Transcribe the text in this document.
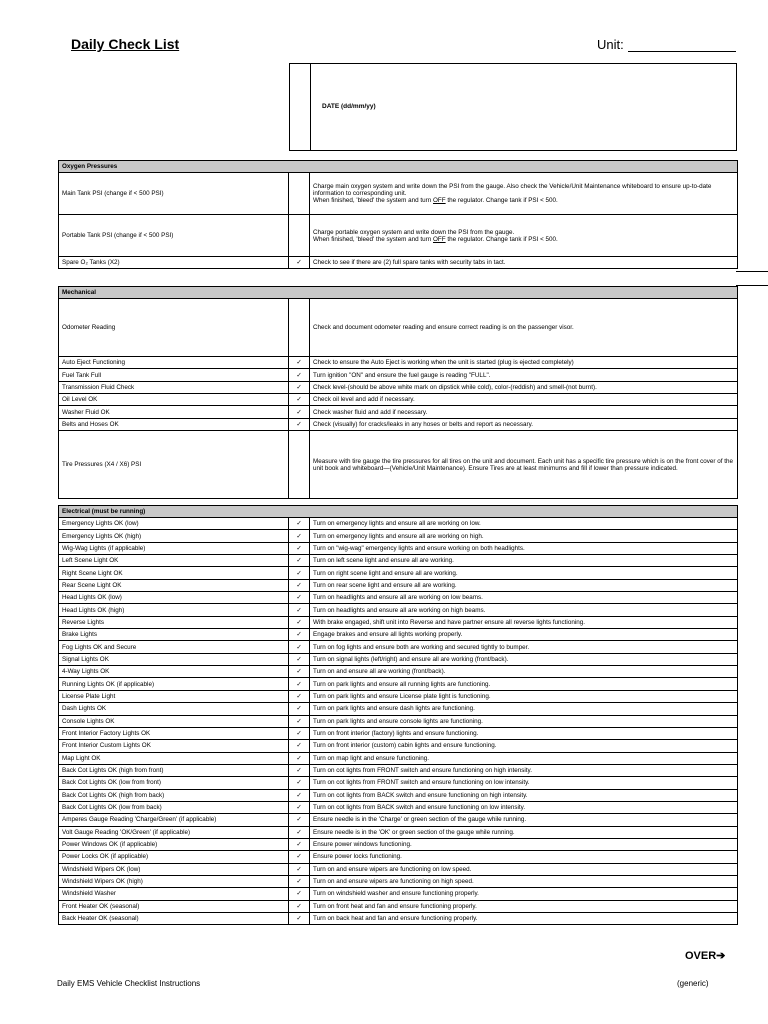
Daily Check List	Unit:
DATE (dd/mm/yy)
Oxygen Pressures		
Main Tank PSI (change if < 500 PSI)		Charge main oxygen system and write down the PSI from the gauge. Also check the Vehicle/Unit Maintenance whiteboard to ensure up-to-date information to corresponding unit.
When finished, 'bleed' the system and turn OFF the regulator. Change tank if PSI < 500.
Portable Tank PSI (change if < 500 PSI)		Charge portable oxygen system and write down the PSI from the gauge.
When finished, 'bleed' the system and turn OFF the regulator. Change tank if PSI < 500.
Spare O₂ Tanks (X2)	✓	Check to see if there are (2) full spare tanks with security tabs in tact.
Mechanical		
Odometer Reading		Check and document odometer reading and ensure correct reading is on the passenger visor.
Auto Eject Functioning	✓	Check to ensure the Auto Eject is working when the unit is started (plug is ejected completely)
Fuel Tank Full	✓	Turn ignition "ON" and ensure the fuel gauge is reading "FULL".
Transmission Fluid Check	✓	Check level-(should be above white mark on dipstick while cold), color-(reddish) and smell-(not burnt).
Oil Level OK	✓	Check oil level and add if necessary.
Washer Fluid OK	✓	Check washer fluid and add if necessary.
Belts and Hoses OK	✓	Check (visually) for cracks/leaks in any hoses or belts and report as necessary.
Tire Pressures (X4 / X6) PSI		Measure with tire gauge the tire pressures for all tires on the unit and document. Each unit has a specific tire pressure which is on the front cover of the unit book and whiteboard—(Vehicle/Unit Maintenance). Ensure Tires are at least minimums and fill if lower than pressure indicated.
Electrical (must be running)		
Emergency Lights OK (low)	✓	Turn on emergency lights and ensure all are working on low.
Emergency Lights OK (high)	✓	Turn on emergency lights and ensure all are working on high.
Wig-Wag Lights (if applicable)	✓	Turn on "wig-wag" emergency lights and ensure working on both headlights.
Left Scene Light OK	✓	Turn on left scene light and ensure all are working.
Right Scene Light OK	✓	Turn on right scene light and ensure all are working.
Rear Scene Light OK	✓	Turn on rear scene light and ensure all are working.
Head Lights OK (low)	✓	Turn on headlights and ensure all are working on low beams.
Head Lights OK (high)	✓	Turn on headlights and ensure all are working on high beams.
Reverse Lights	✓	With brake engaged, shift unit into Reverse and have partner ensure all reverse lights functioning.
Brake Lights	✓	Engage brakes and ensure all lights working properly.
Fog Lights OK and Secure	✓	Turn on fog lights and ensure both are working and secured tightly to bumper.
Signal Lights OK	✓	Turn on signal lights (left/right) and ensure all are working (front/back).
4-Way Lights OK	✓	Turn on and ensure all are working (front/back).
Running Lights OK (if applicable)	✓	Turn on park lights and ensure all running lights are functioning.
License Plate Light	✓	Turn on park lights and ensure License plate light is functioning.
Dash Lights OK	✓	Turn on park lights and ensure dash lights are functioning.
Console Lights OK	✓	Turn on park lights and ensure console lights are functioning.
Front Interior Factory Lights OK	✓	Turn on front interior (factory) lights and ensure functioning.
Front Interior Custom Lights OK	✓	Turn on front interior (custom) cabin lights and ensure functioning.
Map Light OK	✓	Turn on map light and ensure functioning.
Back Cot Lights OK (high from front)	✓	Turn on cot lights from FRONT switch and ensure functioning on high intensity.
Back Cot Lights OK (low from front)	✓	Turn on cot lights from FRONT switch and ensure functioning on low intensity.
Back Cot Lights OK (high from back)	✓	Turn on cot lights from BACK switch and ensure functioning on high intensity.
Back Cot Lights OK (low from back)	✓	Turn on cot lights from BACK switch and ensure functioning on low intensity.
Amperes Gauge Reading 'Charge/Green' (if applicable)	✓	Ensure needle is in the 'Charge' or green section of the gauge while running.
Volt Gauge Reading 'OK/Green' (if applicable)	✓	Ensure needle is in the 'OK' or green section of the gauge while running.
Power Windows OK (if applicable)	✓	Ensure power windows functioning.
Power Locks OK (if applicable)	✓	Ensure power locks functioning.
Windshield Wipers OK (low)	✓	Turn on and ensure wipers are functioning on low speed.
Windshield Wipers OK (high)	✓	Turn on and ensure wipers are functioning on high speed.
Windshield Washer	✓	Turn on windshield washer and ensure functioning properly.
Front Heater OK (seasonal)	✓	Turn on front heat and fan and ensure functioning properly.
Back Heater OK (seasonal)	✓	Turn on back heat and fan and ensure functioning properly.
OVER➔
Daily EMS Vehicle Checklist Instructions	(generic)
